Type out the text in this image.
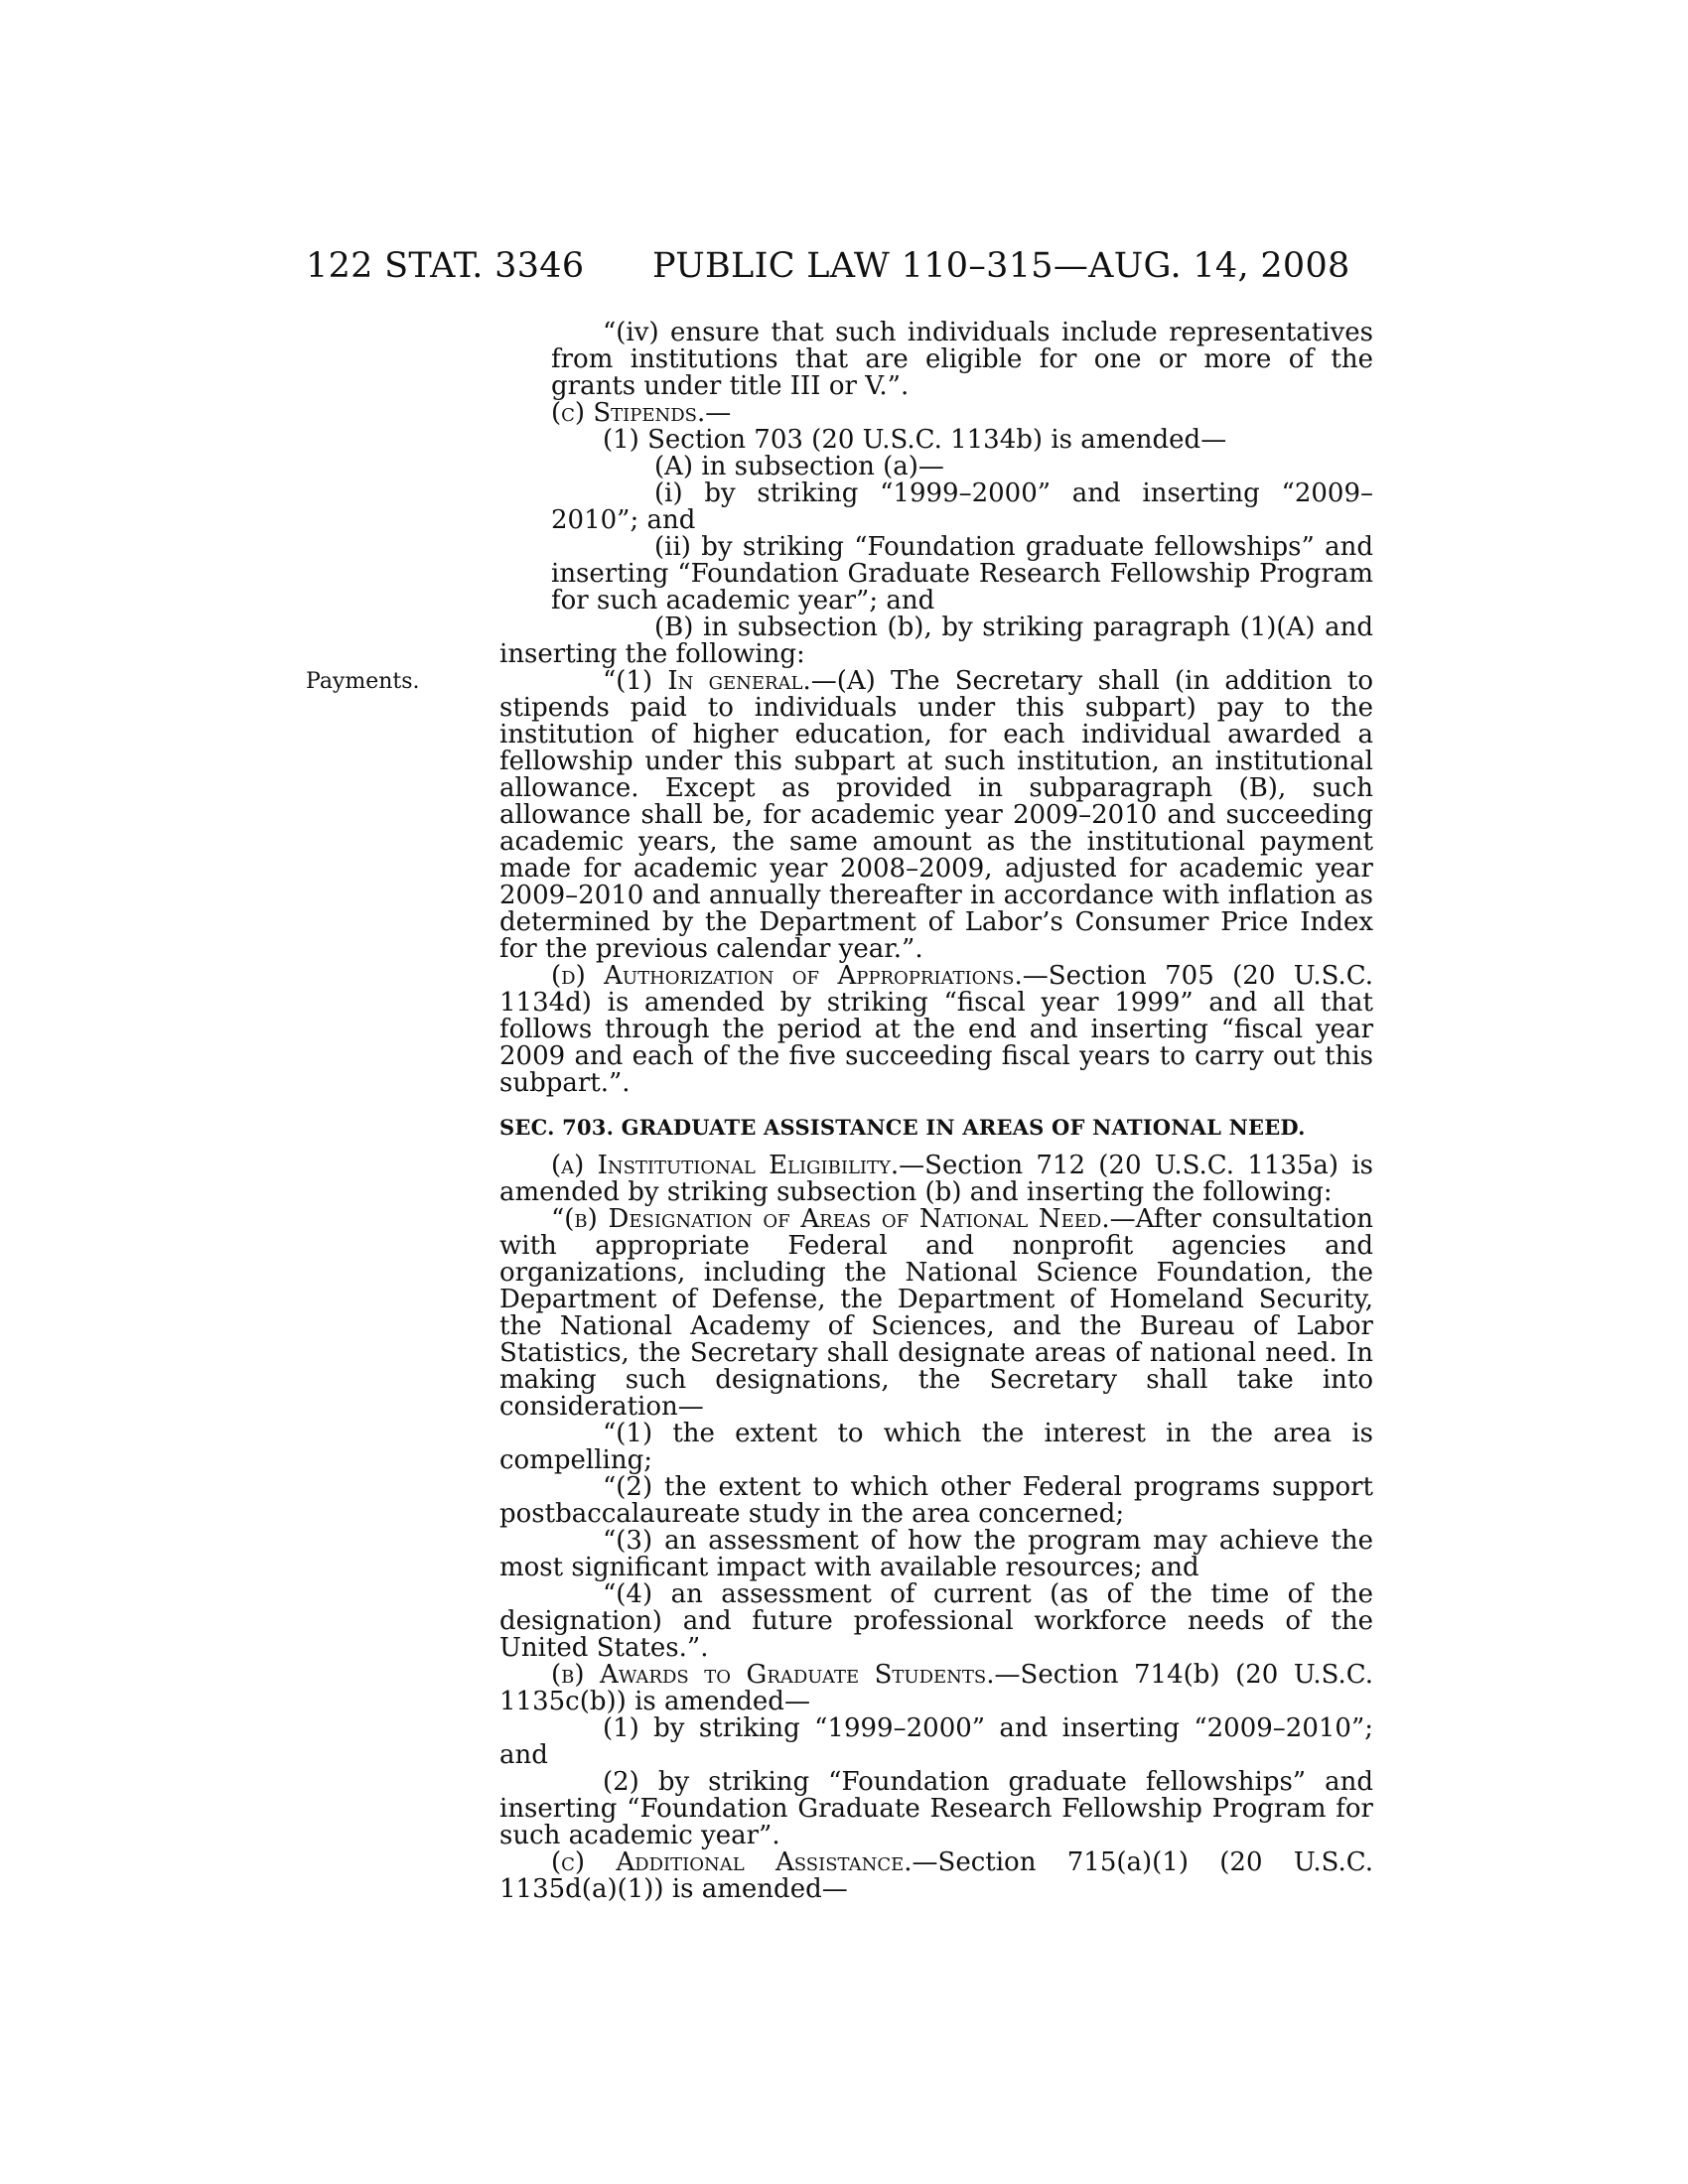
122 STAT. 3346 PUBLIC LAW 110–315—AUG. 14, 2008
Payments.

“(iv) ensure that such individuals include representatives from institutions that are eligible for one or more of the grants under title III or V.”.

(c) Stipends.—

(1) Section 703 (20 U.S.C. 1134b) is amended—

(A) in subsection (a)—

(i) by striking “1999–2000” and inserting “2009–2010”; and

(ii) by striking “Foundation graduate fellowships” and inserting “Foundation Graduate Research Fellowship Program for such academic year”; and

(B) in subsection (b), by striking paragraph (1)(A) and inserting the following:

“(1) In general.—(A) The Secretary shall (in addition to stipends paid to individuals under this subpart) pay to the institution of higher education, for each individual awarded a fellowship under this subpart at such institution, an institutional allowance. Except as provided in subparagraph (B), such allowance shall be, for academic year 2009–2010 and succeeding academic years, the same amount as the institutional payment made for academic year 2008–2009, adjusted for academic year 2009–2010 and annually thereafter in accordance with inflation as determined by the Department of Labor’s Consumer Price Index for the previous calendar year.”.

(d) Authorization of Appropriations.—Section 705 (20 U.S.C. 1134d) is amended by striking “fiscal year 1999” and all that follows through the period at the end and inserting “fiscal year 2009 and each of the five succeeding fiscal years to carry out this subpart.”.

SEC. 703. GRADUATE ASSISTANCE IN AREAS OF NATIONAL NEED.

(a) Institutional Eligibility.—Section 712 (20 U.S.C. 1135a) is amended by striking subsection (b) and inserting the following:

“(b) Designation of Areas of National Need.—After consultation with appropriate Federal and nonprofit agencies and organizations, including the National Science Foundation, the Department of Defense, the Department of Homeland Security, the National Academy of Sciences, and the Bureau of Labor Statistics, the Secretary shall designate areas of national need. In making such designations, the Secretary shall take into consideration—

“(1) the extent to which the interest in the area is compelling;

“(2) the extent to which other Federal programs support postbaccalaureate study in the area concerned;

“(3) an assessment of how the program may achieve the most significant impact with available resources; and

“(4) an assessment of current (as of the time of the designation) and future professional workforce needs of the United States.”.

(b) Awards to Graduate Students.—Section 714(b) (20 U.S.C. 1135c(b)) is amended—

(1) by striking “1999–2000” and inserting “2009–2010”; and

(2) by striking “Foundation graduate fellowships” and inserting “Foundation Graduate Research Fellowship Program for such academic year”.

(c) Additional Assistance.—Section 715(a)(1) (20 U.S.C. 1135d(a)(1)) is amended—
